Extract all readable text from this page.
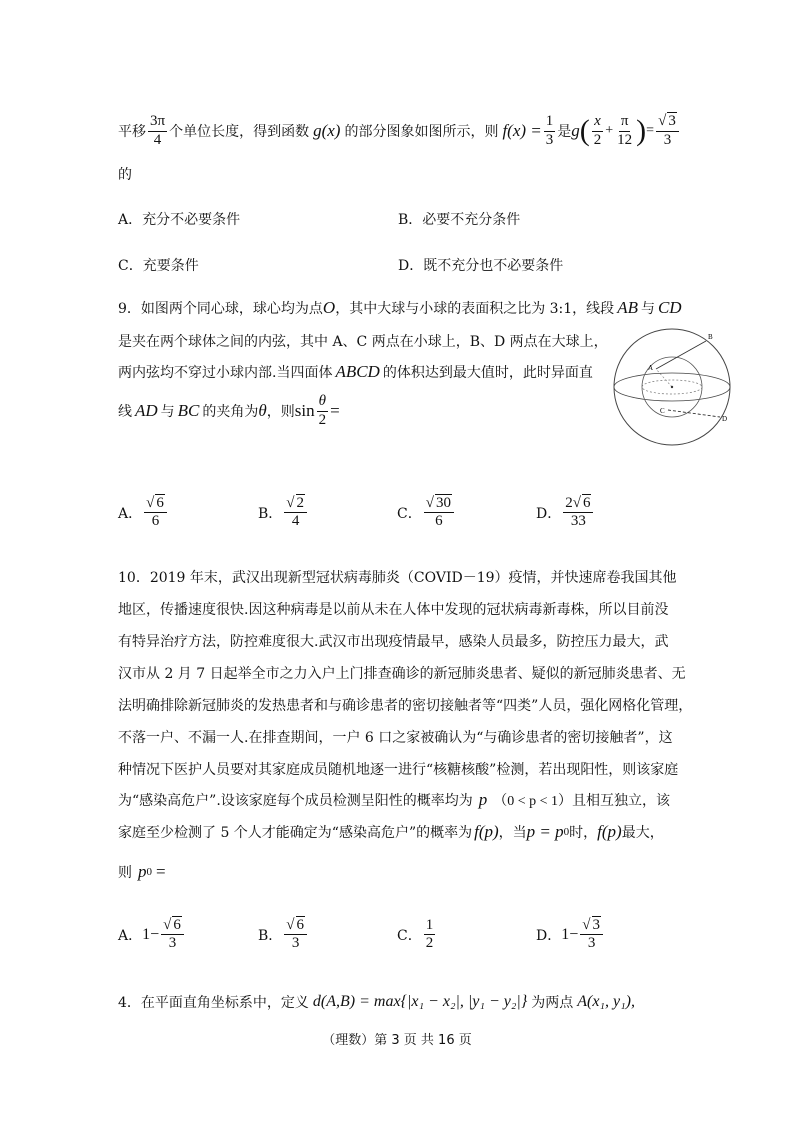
平移 $\frac{3\pi}{4}$ 个单位长度，得到函数 g(x) 的部分图象如图所示，则 $f(x) = \frac{1}{3}$ 是 g ( $\frac{x}{2} + \frac{\pi}{12}$ ) = $\frac{√ 3}{3}$
的
A．充分不必要条件	B．必要不充分条件
C．充要条件	D．既不充分也不必要条件
9．如图两个同心球，球心均为点 O ，其中大球与小球的表面积之比为 3:1，线段 AB 与 CD
是夹在两个球体之间的内弦，其中 A、C 两点在小球上，B、D 两点在大球上，
两内弦均不穿过小球内部.当四面体 ABCD 的体积达到最大值时，此时异面直
线 AD 与 BC 的夹角为 θ ，则 $\sin \frac{\theta}{2}$ =
B
A
C
D
A． $\frac{√ 6}{6}$	B． $\frac{√ 2}{4}$	C． $\frac{√ 30}{6}$	D． $\frac{2√ 6}{33}$
10．2019 年末，武汉出现新型冠状病毒肺炎（COVID－19）疫情，并快速席卷我国其他
地区，传播速度很快.因这种病毒是以前从未在人体中发现的冠状病毒新毒株，所以目前没
有特异治疗方法，防控难度很大.武汉市出现疫情最早，感染人员最多，防控压力最大，武
汉市从 2 月 7 日起举全市之力入户上门排查确诊的新冠肺炎患者、疑似的新冠肺炎患者、无
法明确排除新冠肺炎的发热患者和与确诊患者的密切接触者等“四类”人员，强化网格化管理，
不落一户、不漏一人.在排查期间，一户 6 口之家被确认为“与确诊患者的密切接触者”，这
种情况下医护人员要对其家庭成员随机地逐一进行“核糖核酸”检测，若出现阳性，则该家庭
为“感染高危户”.设该家庭每个成员检测呈阳性的概率均为 p （0 < p < 1） 且相互独立，该
家庭至少检测了 5 个人才能确定为“感染高危户”的概率为 f(p) ，当 p = p 0 时， f(p) 最大，
则 p 0 =
A． $1- \frac{√ 6}{3}$	B． $\frac{√ 6}{3}$	C． $\frac{1}{2}$	D． $1- \frac{√ 3}{3}$
4．在平面直角坐标系中，定义 d(A,B) = max{|x₁ − x₂|, |y₁ − y₂|} 为两点 A(x₁, y₁),
（理数）第 3 页 共 16 页
